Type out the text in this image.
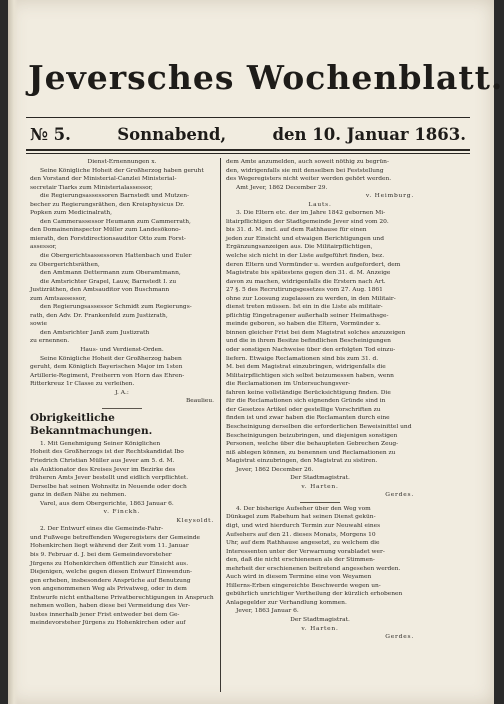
Jeversches Wochenblatt.
№ 5.	Sonnabend,	den 10. Januar 1863.

Dienst-Ernennungen x.

Seine Königliche Hoheit der Großherzog haben geruht

den Vorstand der Ministerial-Canzlei Ministerial-

secretair Tiarks zum Ministerialassessor,

die Regierungsassessoren Barnstedt und Mutzen-

becher zu Regierungsräthen, den Kreisphysicus Dr.

Popken zum Medicinalrath,

den Cammerassessor Heumann zum Cammerrath,

den Domaineninspector Müller zum Landesökono-

mierath, den Forstdirectionsauditor Otto zum Forst-

assessor,

die Obergerichtsassessoren Hattenbach und Euler

zu Obergerichtsräthen,

den Amtmann Dettermann zum Oberamtmann,

die Amtsrichter Grapel, Lauw, Barnstedt I. zu

Justizräthen, den Amtsauditor von Buschmann

zum Amtsassessor,

den Regierungsassessor Schmidt zum Regierungs-

rath, den Adv. Dr. Frankenfeld zum Justizrath,

sowie

den Amtsrichter Janß zum Justizrath

zu ernennen.

Haus- und Verdienst-Orden.

Seine Königliche Hoheit der Großherzog haben

geruht, dem Königlich Bayerischen Major im 1sten

Artillerie-Regiment, Freiherrn von Horn das Ehren-

Ritterkreuz 1r Classe zu verleihen.

J. A.:

Beaulieu.

Obrigkeitliche Bekanntmachungen.

1. Mit Genehmigung Seiner Königlichen

Hoheit des Großherzogs ist der Rechtskandidat Ibo

Friedrich Christian Müller aus Jever am 5. d. M.

als Auktionator des Kreises Jever im Bezirke des

früheren Amts Jever bestellt und eidlich verpflichtet.

Derselbe hat seinen Wohnsitz in Neuende oder doch

ganz in deßen Nähe zu nehmen.

Varel, aus dem Obergerichte, 1863 Januar 6.

v. Finckh.

Kleysoldt.

2. Der Entwurf eines die Gemeinde-Fahr-

und Fußwege betreffenden Wegeregisters der Gemeinde

Hohenkirchen liegt während der Zeit vom 11. Januar

bis 9. Februar d. J. bei dem Gemeindevorsteher

Jürgens zu Hohenkirchen öffentlich zur Einsicht aus.

Diejenigen, welche gegen diesen Entwurf Einwendun-

gen erheben, insbesondere Ansprüche auf Benutzung

von angenommenen Weg als Privatweg, oder in dem

Entwurfe nicht enthaltene Privatberechtigungen in Anspruch

nehmen wollen, haben diese bei Vermeidung des Ver-

lustes innerhalb jener Frist entweder bei dem Ge-

meindevorsteher Jürgens zu Hohenkirchen oder auf

dem Amte anzumelden, auch soweit nöthig zu begrün-

den, widrigenfalls sie mit denselben bei Feststellung

des Wegeregisters nicht weiter werden gehört werden.

Amt Jever, 1862 December 29.

v. Heimburg.

Lauts.

3. Die Eltern etc. der im Jahre 1842 gebornen Mi-

litairpflichtigen der Stadtgemeinde Jever sind vom 20.

bis 31. d. M. incl. auf dem Rathhause für einen

jeden zur Einsicht und etwaigen Berichtigungen und

Ergänzungsanzeigen aus. Die Militairpflichtigen,

welche sich nicht in der Liste aufgeführt finden, bez.

deren Eltern und Vormünder u. werden aufgefordert, dem

Magistrate bis spätestens gegen den 31. d. M. Anzeige

davon zu machen, widrigenfalls die Erstern nach Art.

27 §. 5 des Recrutirungsgesetzes vom 27. Aug. 1861

ohne zur Loosung zugelassen zu werden, in den Militair-

dienst treten müssen. Ist ein in die Liste als militair-

pflichtig Eingetragener außerhalb seiner Heimathsge-

meinde geboren, so haben die Eltern, Vormünder x.

binnen gleicher Frist bei dem Magistrat solches anzuzeigen

und die in ihrem Besitze befindlichen Bescheinigungen

oder sonstigen Nachweise über den erfolgten Tod einzu-

liefern. Etwaige Reclamationen sind bis zum 31. d.

M. bei dem Magistrat einzubringen, widrigenfalls die

Militairpflichtigen sich selbst beizumessen haben, wenn

die Reclamationen im Untersuchungsver-

fahren keine vollständige Berücksichtigung finden. Die

für die Reclamationen sich eignenden Gründe sind in

der Gesetzes Artikel oder gestellige Vorschriften zu

finden ist und zwar haben die Reclamanten durch eine

Bescheinigung derselben die erforderlichen Beweisinittel und

Bescheinigungen beizubringen, und diejenigen sonstigen

Personen, welche über die behaupteten Gebrechen Zeug-

niß ablegen können, zu benennen und Reclamationen zu

Magistrat einzubringen, den Magistrat zu sistiren.

Jever, 1862 December 26.

Der Stadtmagistrat.

v. Harten.

Gerdes.

4. Der bisherige Aufseher über den Weg vom

Dünkagel zum Rabehum hat seinen Dienst gekün-

digt, und wird hierdurch Termin zur Neuwahl eines

Aufsehers auf den 21. dieses Monats, Morgens 10

Uhr, auf dem Rathhause angesetzt, zu welchem die

Interessenten unter der Verwarnung vorabladet wer-

den, daß die nicht erschienenen als der Stimmen-

mehrheit der erschienenen beitretend angesehen werden.

Auch wird in diesem Termine eine von Weyamen

Hillerns-Erben eingereichte Beschwerde wegen un-

gebührlich unrichtiger Vertheilung der kürzlich erhobenen

Anlagegelder zur Verhandlung kommen.

Jever, 1863 Januar 6.

Der Stadtmagistrat.

v. Harten.

Gerdes.
